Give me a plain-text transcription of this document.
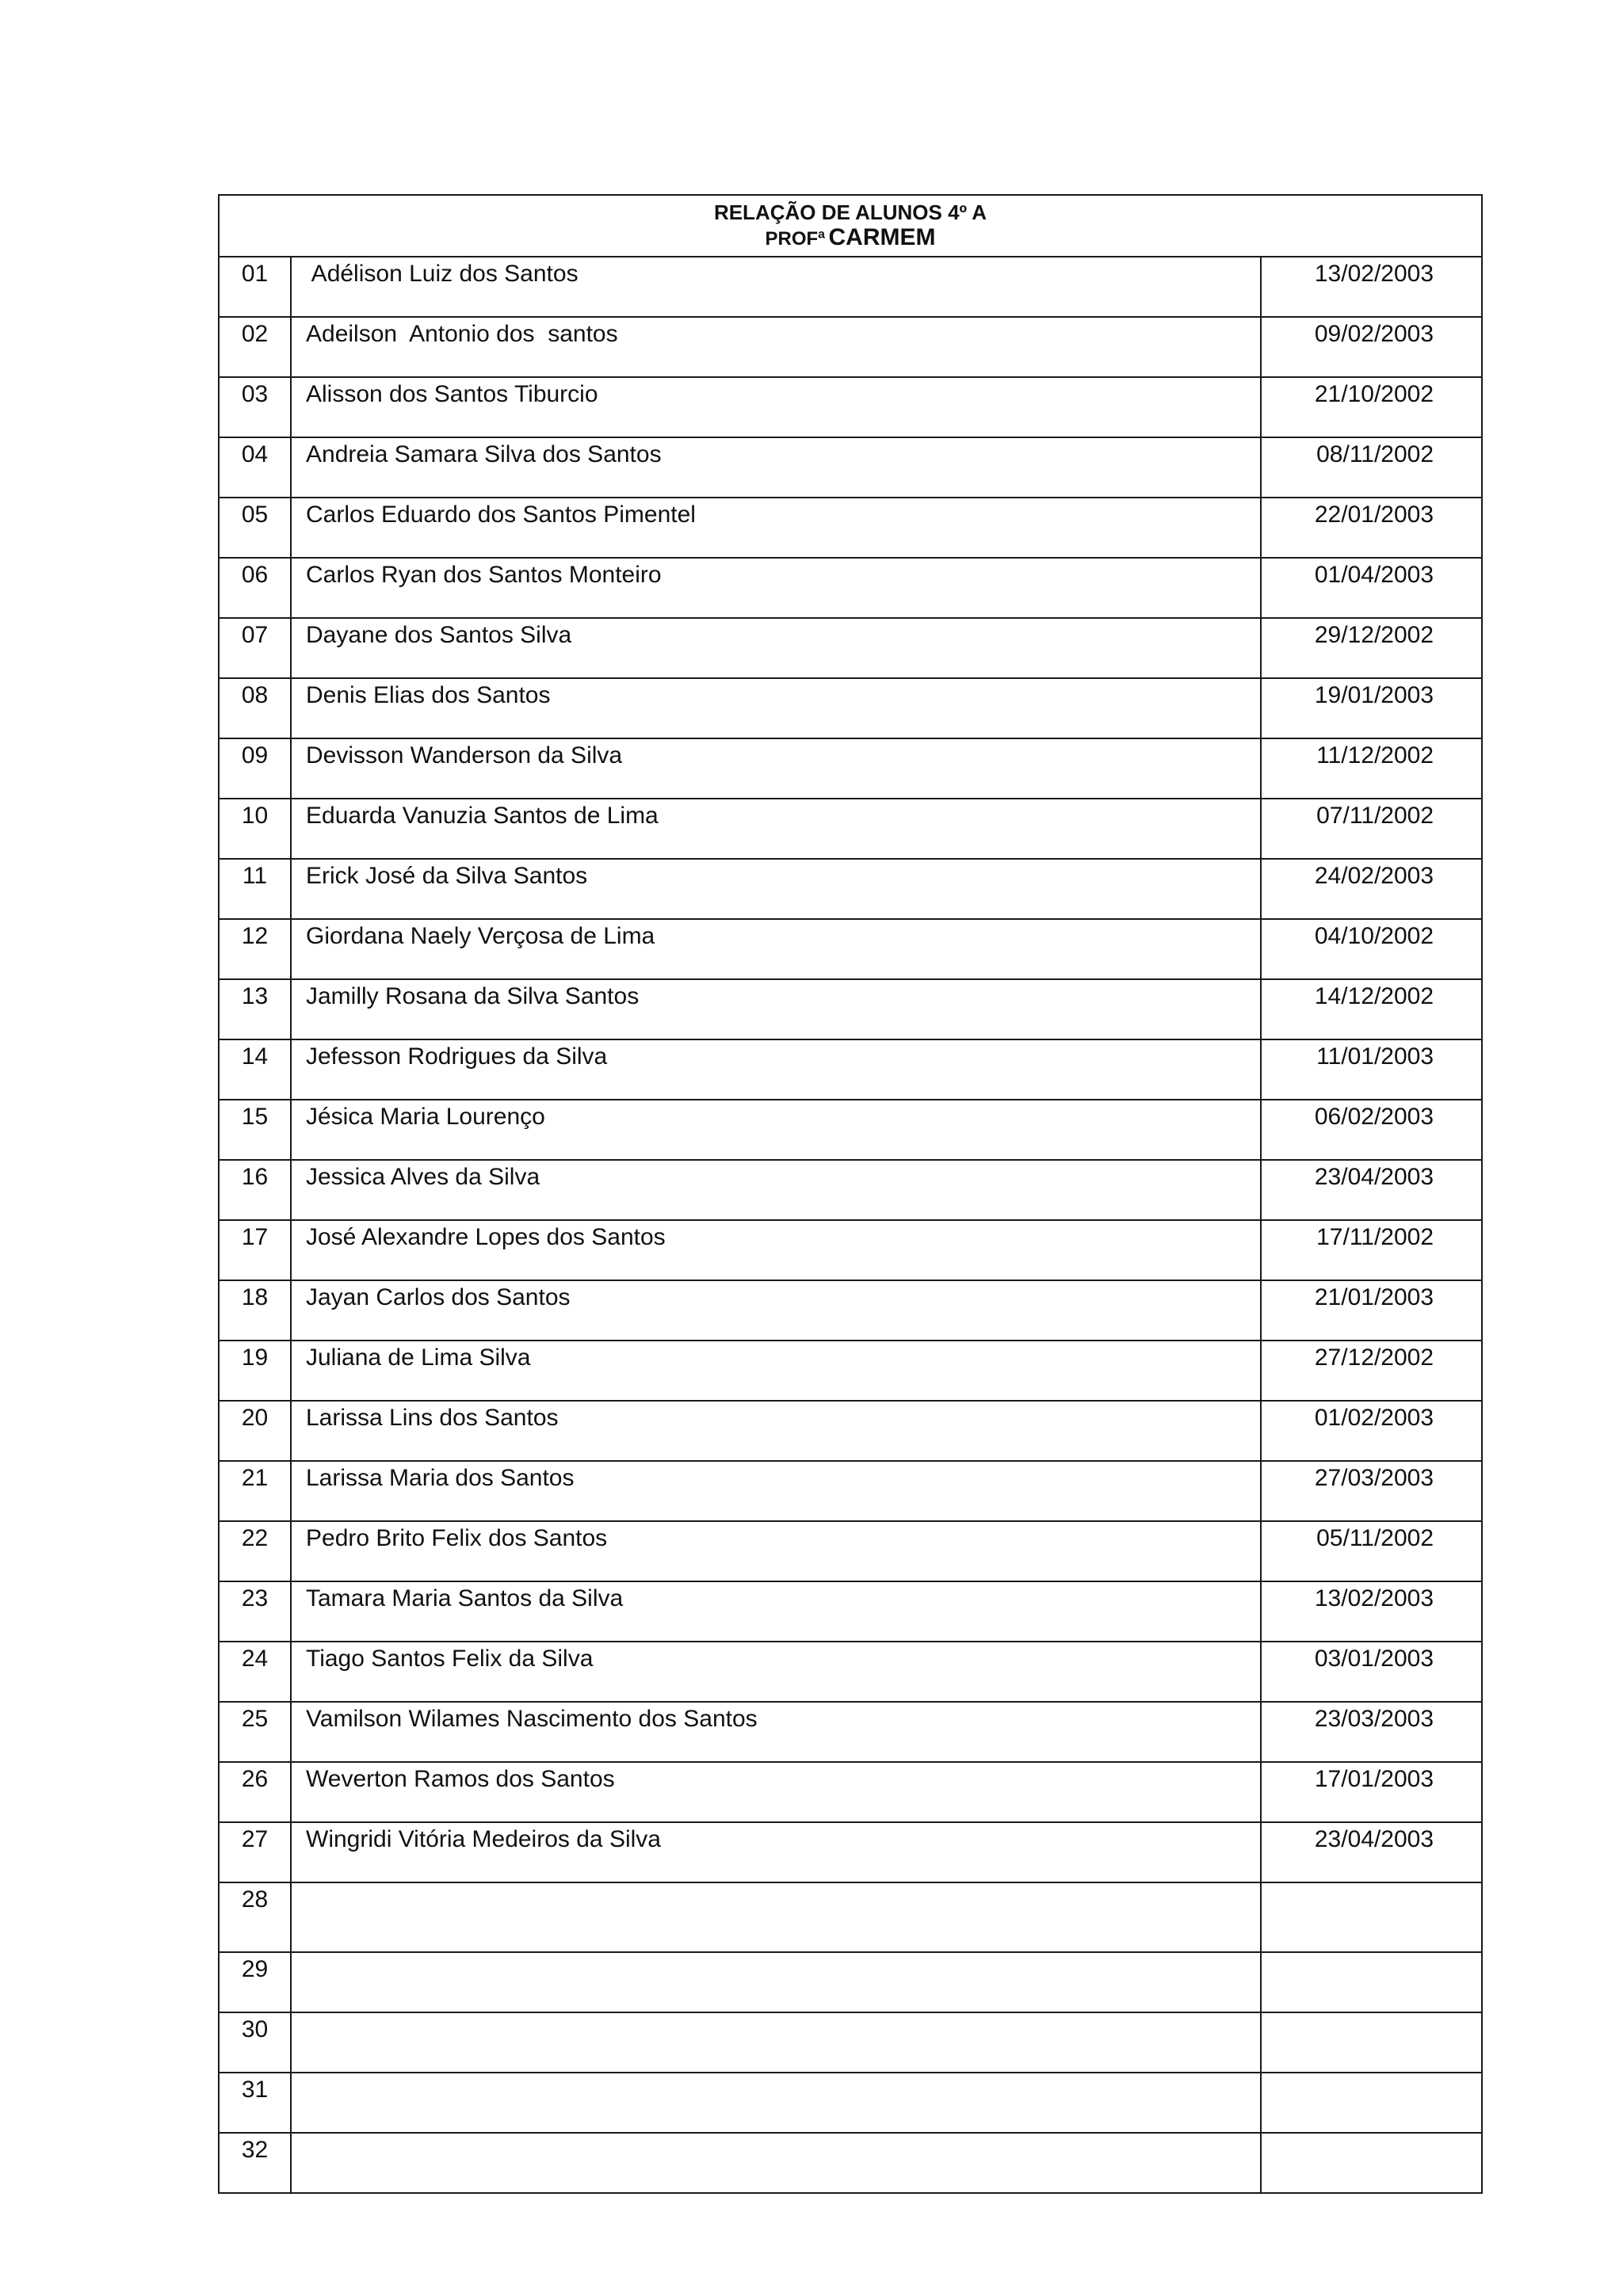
RELAÇÃO DE ALUNOS 4º A
PROFª CARMEM		

01	Adélison Luiz dos Santos	13/02/2003
02	Adeilson  Antonio dos  santos	09/02/2003
03	Alisson dos Santos Tiburcio	21/10/2002
04	Andreia Samara Silva dos Santos	08/11/2002
05	Carlos Eduardo dos Santos Pimentel	22/01/2003
06	Carlos Ryan dos Santos Monteiro	01/04/2003
07	Dayane dos Santos Silva	29/12/2002
08	Denis Elias dos Santos	19/01/2003
09	Devisson Wanderson da Silva	11/12/2002
10	Eduarda Vanuzia Santos de Lima	07/11/2002
11	Erick José da Silva Santos	24/02/2003
12	Giordana Naely Verçosa de Lima	04/10/2002
13	Jamilly Rosana da Silva Santos	14/12/2002
14	Jefesson Rodrigues da Silva	11/01/2003
15	Jésica Maria Lourenço	06/02/2003
16	Jessica Alves da Silva	23/04/2003
17	José Alexandre Lopes dos Santos	17/11/2002
18	Jayan Carlos dos Santos	21/01/2003
19	Juliana de Lima Silva	27/12/2002
20	Larissa Lins dos Santos	01/02/2003
21	Larissa Maria dos Santos	27/03/2003
22	Pedro Brito Felix dos Santos	05/11/2002
23	Tamara Maria Santos da Silva	13/02/2003
24	Tiago Santos Felix da Silva	03/01/2003
25	Vamilson Wilames Nascimento dos Santos	23/03/2003
26	Weverton Ramos dos Santos	17/01/2003
27	Wingridi Vitória Medeiros da Silva	23/04/2003
28		
29		
30		
31		
32		
